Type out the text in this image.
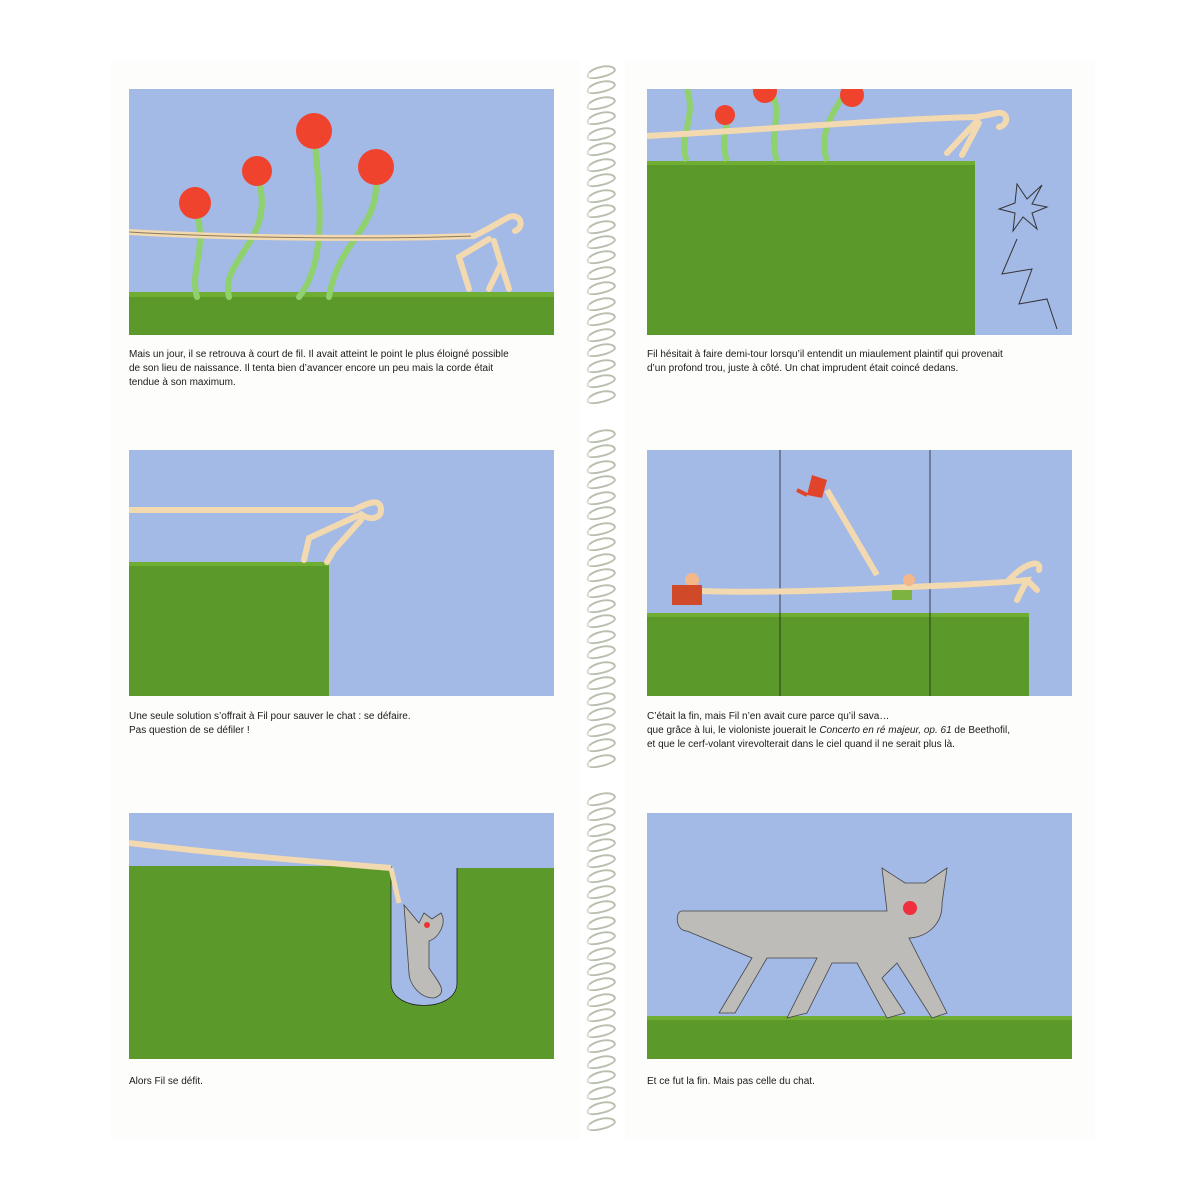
Mais un jour, il se retrouva à court de fil. Il avait atteint le point le plus éloigné possible

de son lieu de naissance. Il tenta bien d’avancer encore un peu mais la corde était

tendue à son maximum.

Fil hésitait à faire demi-tour lorsqu’il entendit un miaulement plaintif qui provenait

d’un profond trou, juste à côté. Un chat imprudent était coincé dedans.

Une seule solution s’offrait à Fil pour sauver le chat : se défaire.

Pas question de se défiler !

C’était la fin, mais Fil n’en avait cure parce qu’il sava…

que grâce à lui, le violoniste jouerait le Concerto en ré majeur, op. 61 de Beethofil,

et que le cerf-volant virevolterait dans le ciel quand il ne serait plus là.

Alors Fil se défit.	Et ce fut la fin. Mais pas celle du chat.
